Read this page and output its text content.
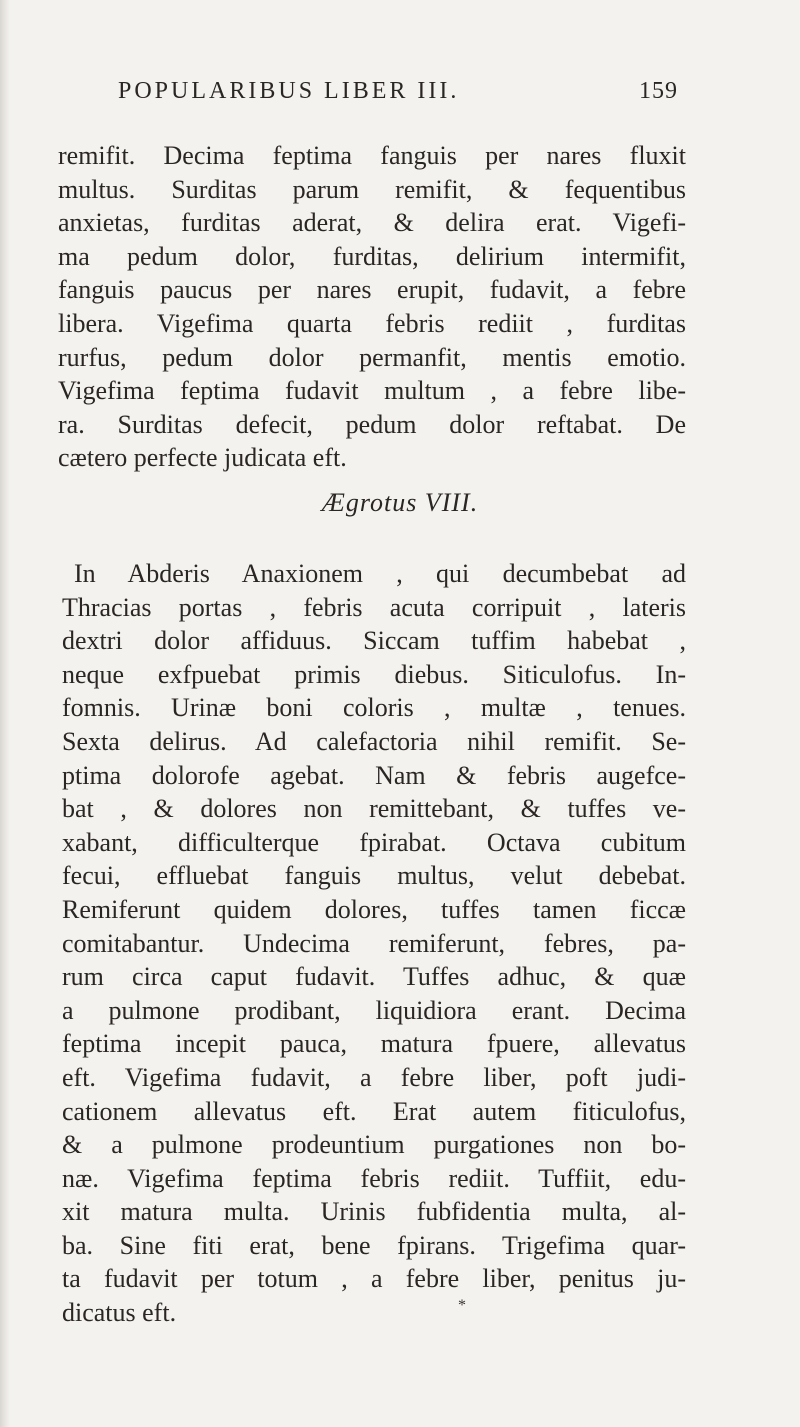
POPULARIBUS LIBER III.	159
remifit. Decima feptima fanguis per nares fluxit
multus. Surditas parum remifit, & fequentibus
anxietas, furditas aderat, & delira erat. Vigefi-
ma pedum dolor, furditas, delirium intermifit,
fanguis paucus per nares erupit, fudavit, a febre
libera. Vigefima quarta febris rediit , furditas
rurfus, pedum dolor permanfit, mentis emotio.
Vigefima feptima fudavit multum , a febre libe-
ra. Surditas defecit, pedum dolor reftabat. De
cætero perfecte judicata eft.
Ægrotus VIII.
In Abderis Anaxionem , qui decumbebat ad
Thracias portas , febris acuta corripuit , lateris
dextri dolor affiduus. Siccam tuffim habebat ,
neque exfpuebat primis diebus. Siticulofus. In-
fomnis. Urinæ boni coloris , multæ , tenues.
Sexta delirus. Ad calefactoria nihil remifit. Se-
ptima dolorofe agebat. Nam & febris augefce-
bat , & dolores non remittebant, & tuffes ve-
xabant, difficulterque fpirabat. Octava cubitum
fecui, effluebat fanguis multus, velut debebat.
Remiferunt quidem dolores, tuffes tamen ficcæ
comitabantur. Undecima remiferunt, febres, pa-
rum circa caput fudavit. Tuffes adhuc, & quæ
a pulmone prodibant, liquidiora erant. Decima
feptima incepit pauca, matura fpuere, allevatus
eft. Vigefima fudavit, a febre liber, poft judi-
cationem allevatus eft. Erat autem fiticulofus,
& a pulmone prodeuntium purgationes non bo-
næ. Vigefima feptima febris rediit. Tuffiit, edu-
xit matura multa. Urinis fubfidentia multa, al-
ba. Sine fiti erat, bene fpirans. Trigefima quar-
ta fudavit per totum , a febre liber, penitus ju-
dicatus eft.	*
